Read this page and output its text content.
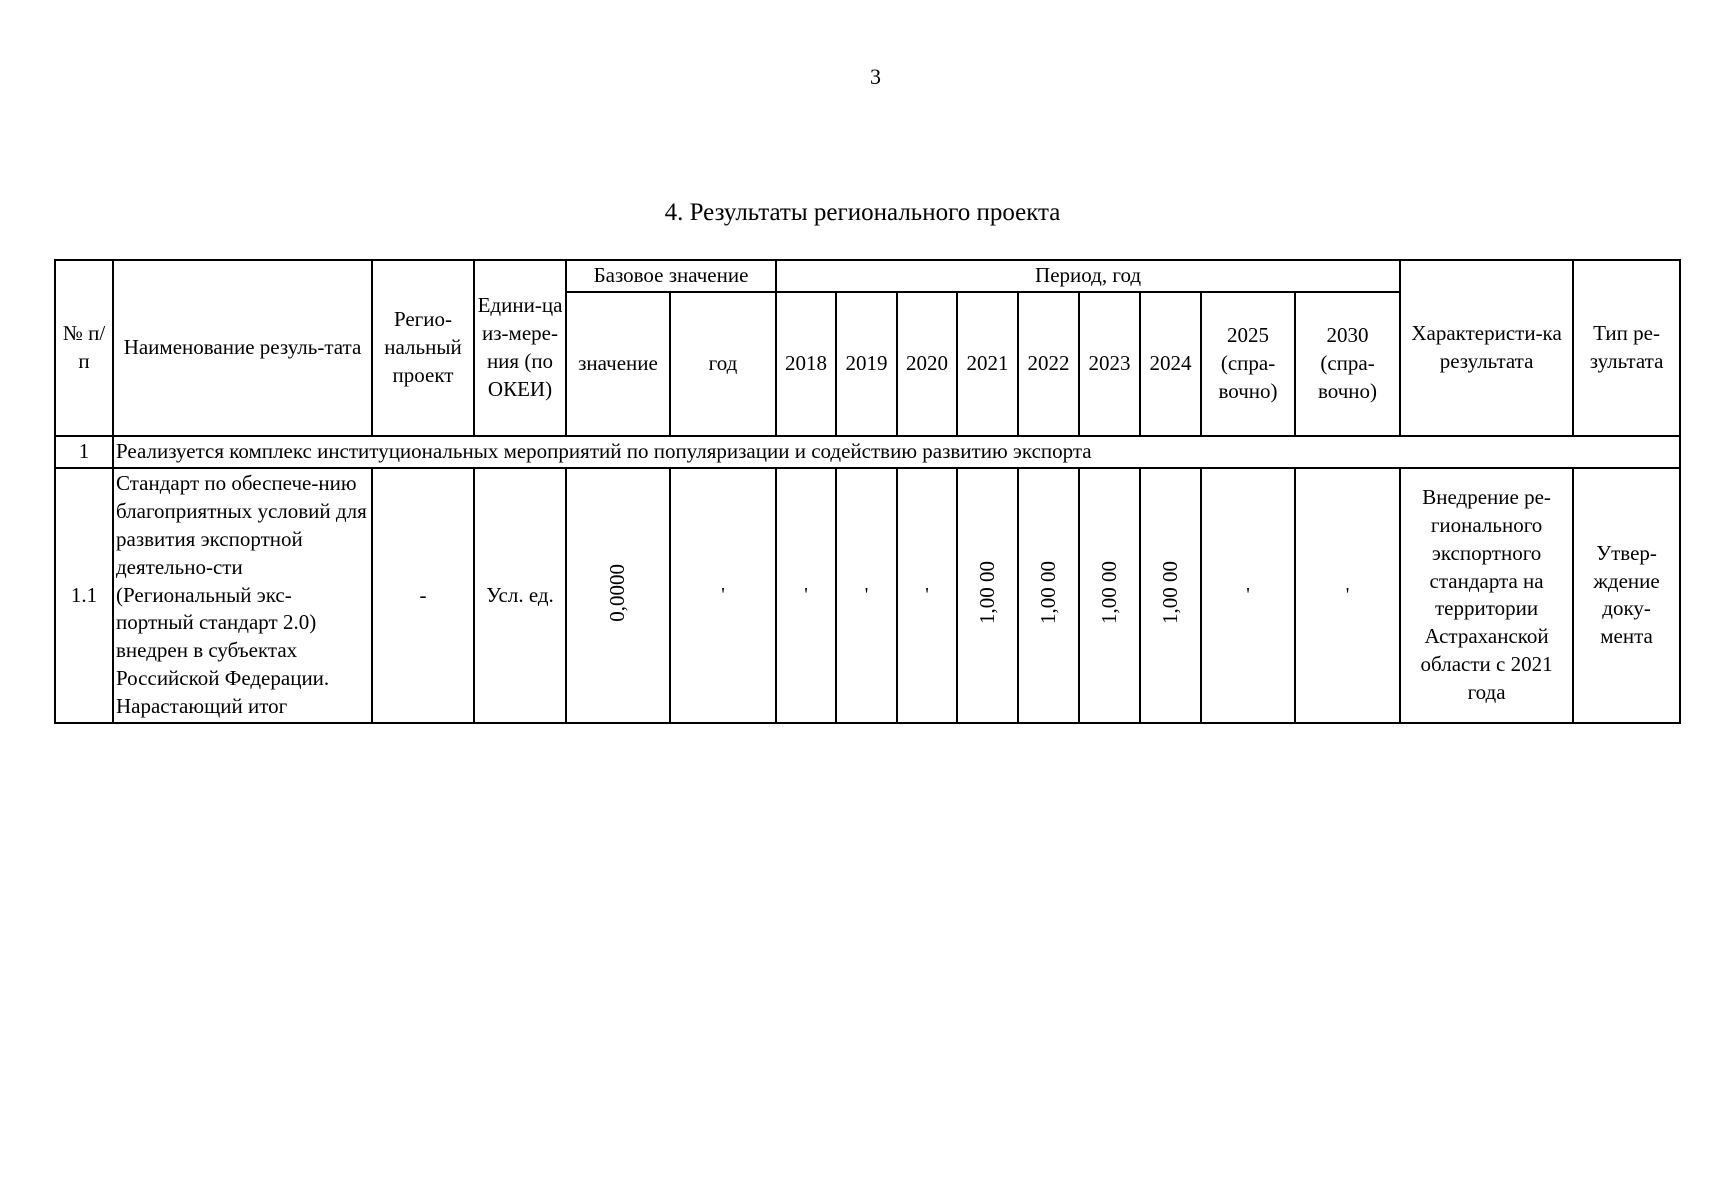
3
4. Результаты регионального проекта
№ п/п	Наименование резуль-тата	Регио-нальный проект	Едини-ца из-мере-ния (по ОКЕИ)	Базовое значение		Период, год									Характеристи-ка результата	Тип ре-зультата
				значение	год	2018	2019	2020	2021	2022	2023	2024	2025 (спра-вочно)	2030 (спра-вочно)		
1	Реализуется комплекс институциональных мероприятий по популяризации и содействию развитию экспорта															
1.1	Стандарт по обеспече-нию благоприятных условий для развития экспортной деятельно-сти (Региональный экс-портный стандарт 2.0) внедрен в субъектах Российской Федерации. Нарастающий итог	-	Усл. ед.	0,0000	'	'	'	'	1,00 00	1,00 00	1,00 00	1,00 00	'	'	Внедрение ре-гионального экспортного стандарта на территории Астраханской области с 2021 года	Утвер-ждение доку-мента
